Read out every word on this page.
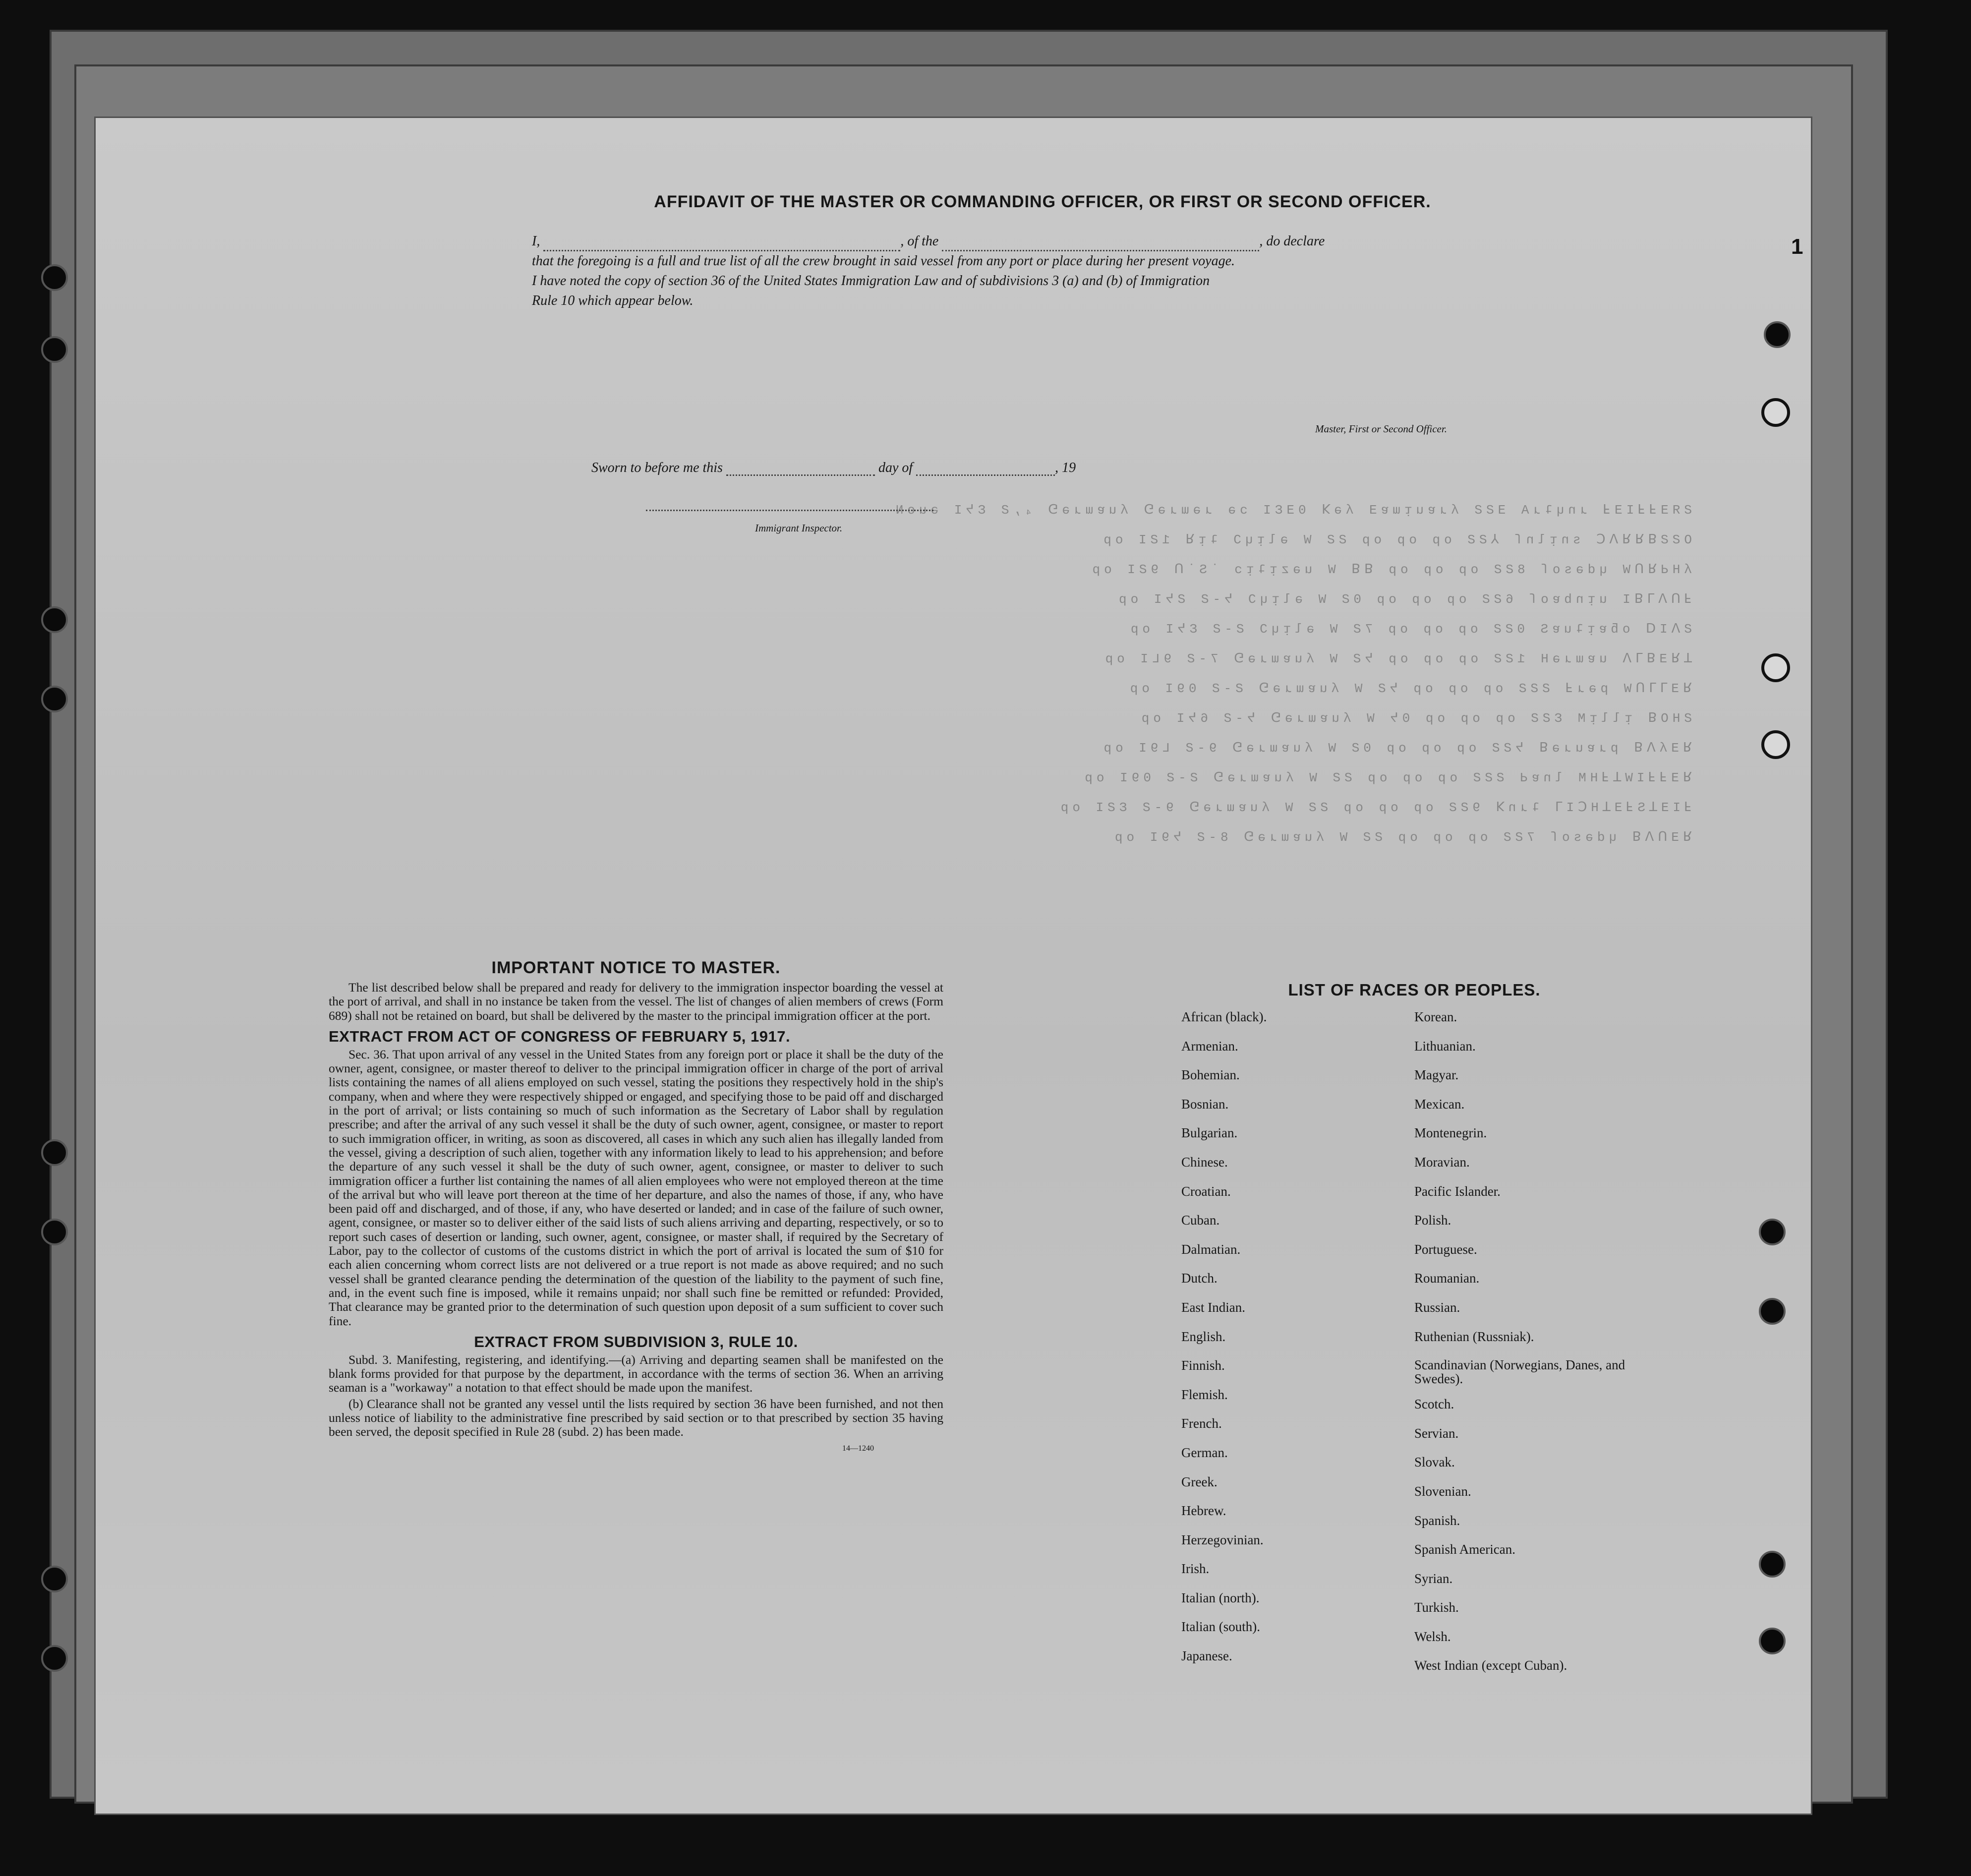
1
ƧЯƎℲℲIƎℲ ɹnɥʇɹA ƎƧƧ ʎɹɐuᴉɯɐƎ ʎǝꓘ 0ƎƐI ɔǝ ɹǝɯɹǝ⅁ ʎuɐɯɹǝ⅁ ₄,Ƨ ƐᔭI ǝuoN
OƧƧꓭꓤꓤꓥꓚ snᴉlnſ ⅄ƧƧ op op op ƧƧ W ǝlᴉɥƆ ʇᴉꓤ 1ƧI op
ʎHԀꓤꓵW ɥdǝsoſ 8ƧƧ op op op ꓭꓭ W uǝzᴉʇᴉɔ ˙S˙ꓵ 9ƧI op
ꓞꓵꓥꓶꓭI uᴉnbɐoſ 6ƧƧ op op op 0Ƨ W ǝlᴉɥƆ ᔭ-Ƨ ƧᔭI op
ƧꓥIꓷ oƃɐᴉʇuɐS 0ƧƧ op op op 7Ƨ W ǝlᴉɥƆ Ƨ-Ƨ ƐᔭI op
ꓕꓤƎꓭꓶꓥ uɐɯɹǝH 1ƧƧ op op op ᔭƧ W ʎuɐɯɹǝ⅁ 7-Ƨ 9LI op
ꓤƎꓶꓶꓵW pǝɹℲ ƧƧƧ op op op ᔭƧ W ʎuɐɯɹǝ⅁ Ƨ-Ƨ 09I op
ƧHOꓭ ᴉllᴉM ƐƧƧ op op op 0ᔭ W ʎuɐɯɹǝ⅁ ᔭ-Ƨ 6ᔭI op
ꓤƎʎꓥꓭ pɹɐuɹǝꓭ ᔭƧƧ op op op 0Ƨ W ʎuɐɯɹǝ⅁ 9-Ƨ L9I op
ꓤƎꓞꓞIWꓕꓞHM lnɐԀ ƧƧƧ op op op ƧƧ W ʎuɐɯɹǝ⅁ Ƨ-Ƨ 09I op
ꓞIƎꓕSꓞƎꓕHꓚIꓶ ʇɹnꓘ 9ƧƧ op op op ƧƧ W ʎuɐɯɹǝ⅁ 9-Ƨ ƐƧI op
ꓤƎꓵꓥꓭ ɥdǝsoſ 7ƧƧ op op op ƧƧ W ʎuɐɯɹǝ⅁ 8-Ƨ ᔭ9I op
AFFIDAVIT OF THE MASTER OR COMMANDING OFFICER, OR FIRST OR SECOND OFFICER.
I,	, of the	, do declare
that the foregoing is a full and true list of all the crew brought in said vessel from any port or place during her present voyage.
I have noted the copy of section 36 of the United States Immigration Law and of subdivisions 3 (a) and (b) of Immigration
Rule 10 which appear below.
Master, First or Second Officer.
Sworn to before me this	day of	, 19
Immigrant Inspector.
IMPORTANT NOTICE TO MASTER.

The list described below shall be prepared and ready for delivery to the immigration inspector boarding the vessel at the port of arrival, and shall in no instance be taken from the vessel. The list of changes of alien members of crews (Form 689) shall not be retained on board, but shall be delivered by the master to the principal immigration officer at the port.

EXTRACT FROM ACT OF CONGRESS OF FEBRUARY 5, 1917.

Sec. 36. That upon arrival of any vessel in the United States from any foreign port or place it shall be the duty of the owner, agent, consignee, or master thereof to deliver to the principal immigration officer in charge of the port of arrival lists containing the names of all aliens employed on such vessel, stating the positions they respectively hold in the ship's company, when and where they were respectively shipped or engaged, and specifying those to be paid off and discharged in the port of arrival; or lists containing so much of such information as the Secretary of Labor shall by regulation prescribe; and after the arrival of any such vessel it shall be the duty of such owner, agent, consignee, or master to report to such immigration officer, in writing, as soon as discovered, all cases in which any such alien has illegally landed from the vessel, giving a description of such alien, together with any information likely to lead to his apprehension; and before the departure of any such vessel it shall be the duty of such owner, agent, consignee, or master to deliver to such immigration officer a further list containing the names of all alien employees who were not employed thereon at the time of the arrival but who will leave port thereon at the time of her departure, and also the names of those, if any, who have been paid off and discharged, and of those, if any, who have deserted or landed; and in case of the failure of such owner, agent, consignee, or master so to deliver either of the said lists of such aliens arriving and departing, respectively, or so to report such cases of desertion or landing, such owner, agent, consignee, or master shall, if required by the Secretary of Labor, pay to the collector of customs of the customs district in which the port of arrival is located the sum of $10 for each alien concerning whom correct lists are not delivered or a true report is not made as above required; and no such vessel shall be granted clearance pending the determination of the question of the liability to the payment of such fine, and, in the event such fine is imposed, while it remains unpaid; nor shall such fine be remitted or refunded: Provided, That clearance may be granted prior to the determination of such question upon deposit of a sum sufficient to cover such fine.

EXTRACT FROM SUBDIVISION 3, RULE 10.

Subd. 3. Manifesting, registering, and identifying.—(a) Arriving and departing seamen shall be manifested on the blank forms provided for that purpose by the department, in accordance with the terms of section 36. When an arriving seaman is a "workaway" a notation to that effect should be made upon the manifest.

(b) Clearance shall not be granted any vessel until the lists required by section 36 have been furnished, and not then unless notice of liability to the administrative fine prescribed by said section or to that prescribed by section 35 having been served, the deposit specified in Rule 28 (subd. 2) has been made.

14—1240
LIST OF RACES OR PEOPLES.
African (black).
Armenian.
Bohemian.
Bosnian.
Bulgarian.
Chinese.
Croatian.
Cuban.
Dalmatian.
Dutch.
East Indian.
English.
Finnish.
Flemish.
French.
German.
Greek.
Hebrew.
Herzegovinian.
Irish.
Italian (north).
Italian (south).
Japanese.
Korean.
Lithuanian.
Magyar.
Mexican.
Montenegrin.
Moravian.
Pacific Islander.
Polish.
Portuguese.
Roumanian.
Russian.
Ruthenian (Russniak).
Scandinavian (Norwegians, Danes, and Swedes).
Scotch.
Servian.
Slovak.
Slovenian.
Spanish.
Spanish American.
Syrian.
Turkish.
Welsh.
West Indian (except Cuban).
